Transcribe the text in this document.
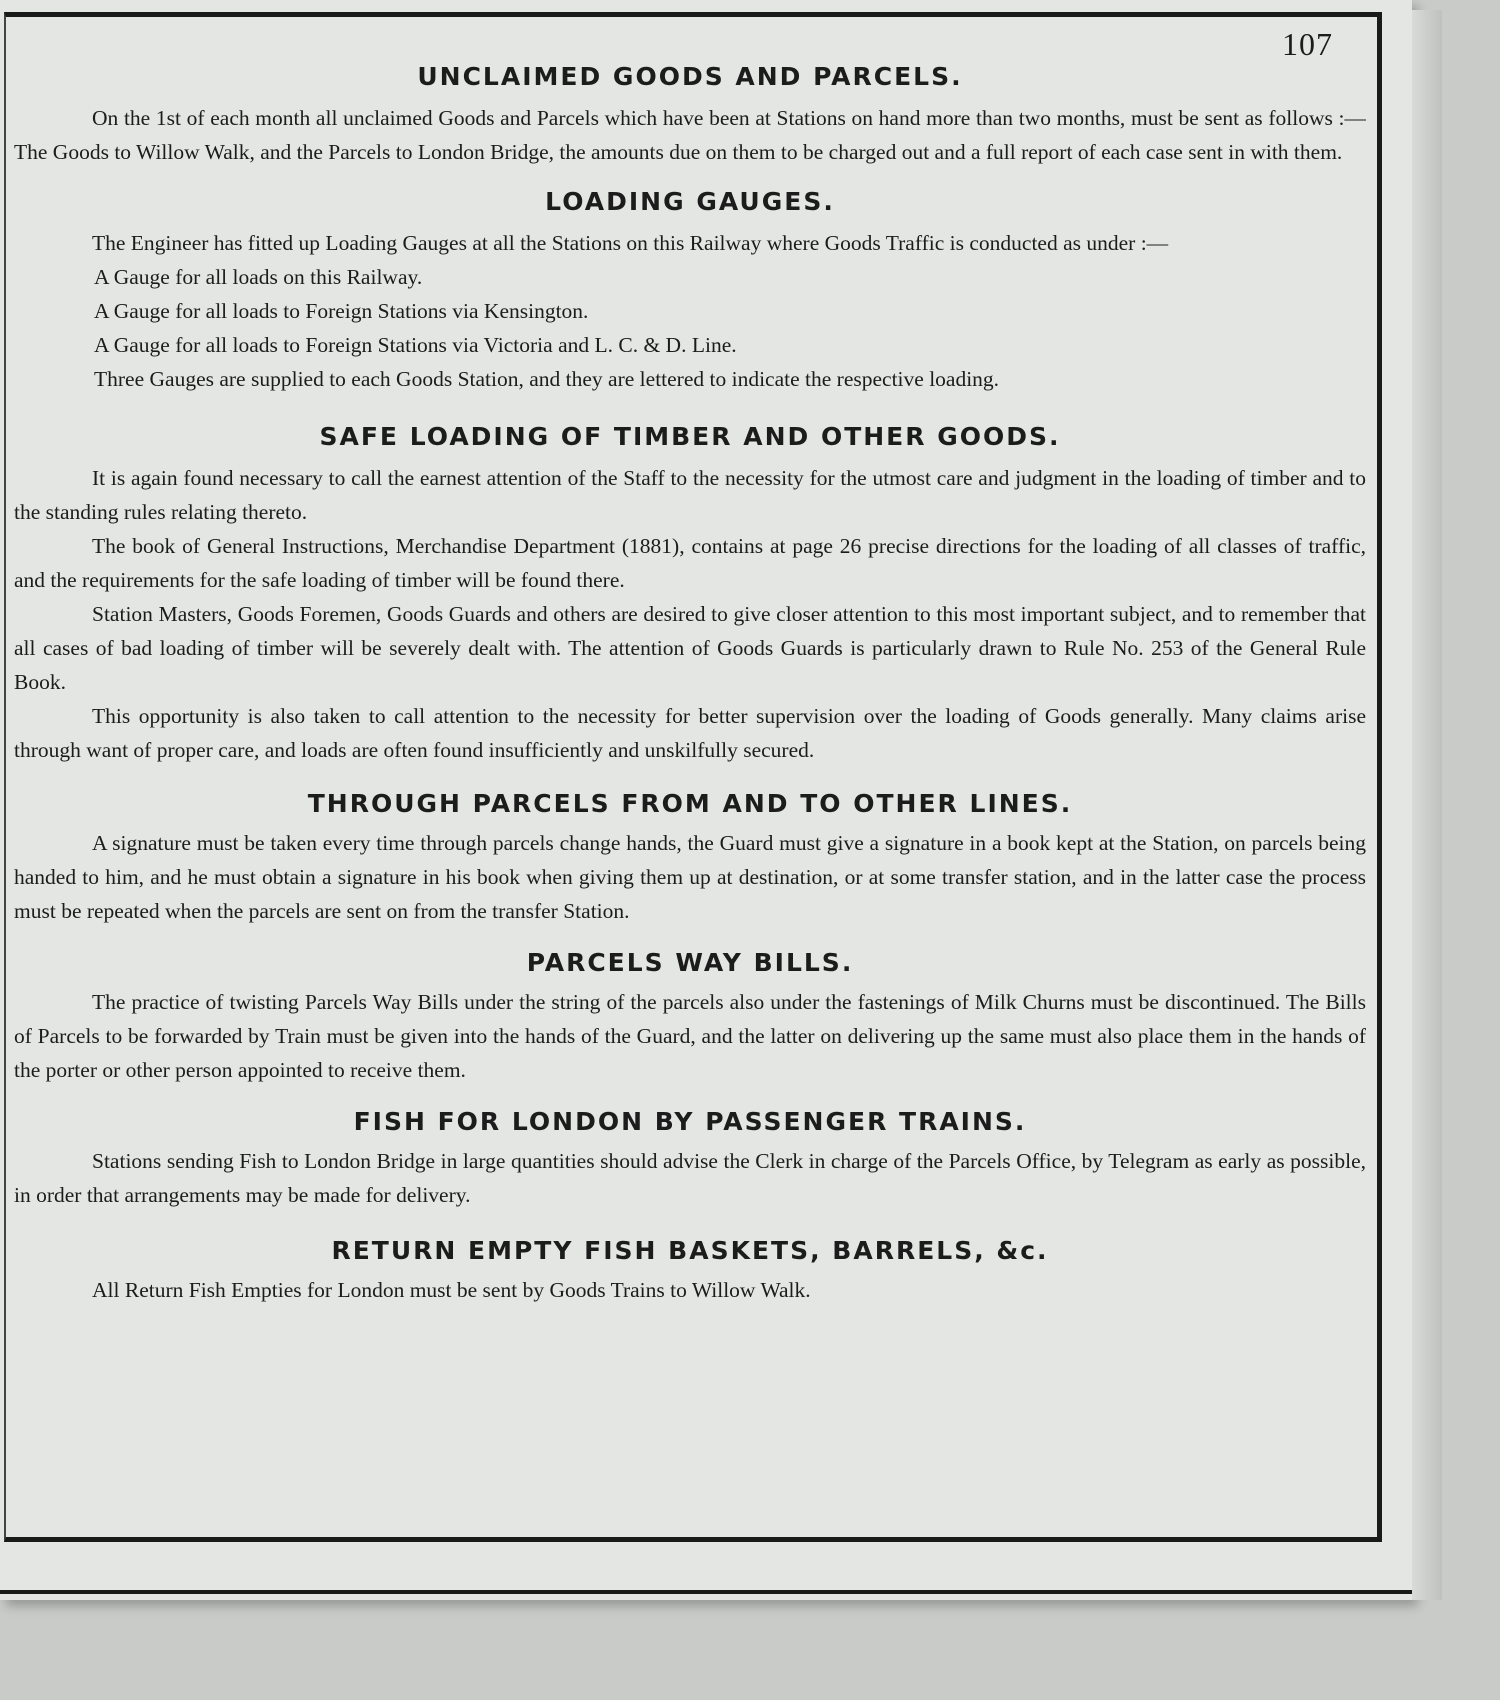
107
UNCLAIMED GOODS AND PARCELS.

On the 1st of each month all unclaimed Goods and Parcels which have been at Stations on hand more than two months, must be sent as follows :—The Goods to Willow Walk, and the Parcels to London Bridge, the amounts due on them to be charged out and a full report of each case sent in with them.

LOADING GAUGES.

The Engineer has fitted up Loading Gauges at all the Stations on this Railway where Goods Traffic is conducted as under :—

A Gauge for all loads on this Railway.

A Gauge for all loads to Foreign Stations via Kensington.

A Gauge for all loads to Foreign Stations via Victoria and L. C. & D. Line.

Three Gauges are supplied to each Goods Station, and they are lettered to indicate the respective loading.

SAFE LOADING OF TIMBER AND OTHER GOODS.

It is again found necessary to call the earnest attention of the Staff to the necessity for the utmost care and judgment in the loading of timber and to the standing rules relating thereto.

The book of General Instructions, Merchandise Department (1881), contains at page 26 precise directions for the loading of all classes of traffic, and the requirements for the safe loading of timber will be found there.

Station Masters, Goods Foremen, Goods Guards and others are desired to give closer attention to this most important subject, and to remember that all cases of bad loading of timber will be severely dealt with. The attention of Goods Guards is particularly drawn to Rule No. 253 of the General Rule Book.

This opportunity is also taken to call attention to the necessity for better supervision over the loading of Goods generally. Many claims arise through want of proper care, and loads are often found insufficiently and unskilfully secured.

THROUGH PARCELS FROM AND TO OTHER LINES.

A signature must be taken every time through parcels change hands, the Guard must give a signature in a book kept at the Station, on parcels being handed to him, and he must obtain a signature in his book when giving them up at destination, or at some transfer station, and in the latter case the process must be repeated when the parcels are sent on from the transfer Station.

PARCELS WAY BILLS.

The practice of twisting Parcels Way Bills under the string of the parcels also under the fastenings of Milk Churns must be discontinued. The Bills of Parcels to be forwarded by Train must be given into the hands of the Guard, and the latter on delivering up the same must also place them in the hands of the porter or other person appointed to receive them.

FISH FOR LONDON BY PASSENGER TRAINS.

Stations sending Fish to London Bridge in large quantities should advise the Clerk in charge of the Parcels Office, by Telegram as early as possible, in order that arrangements may be made for delivery.

RETURN EMPTY FISH BASKETS, BARRELS, &c.

All Return Fish Empties for London must be sent by Goods Trains to Willow Walk.
